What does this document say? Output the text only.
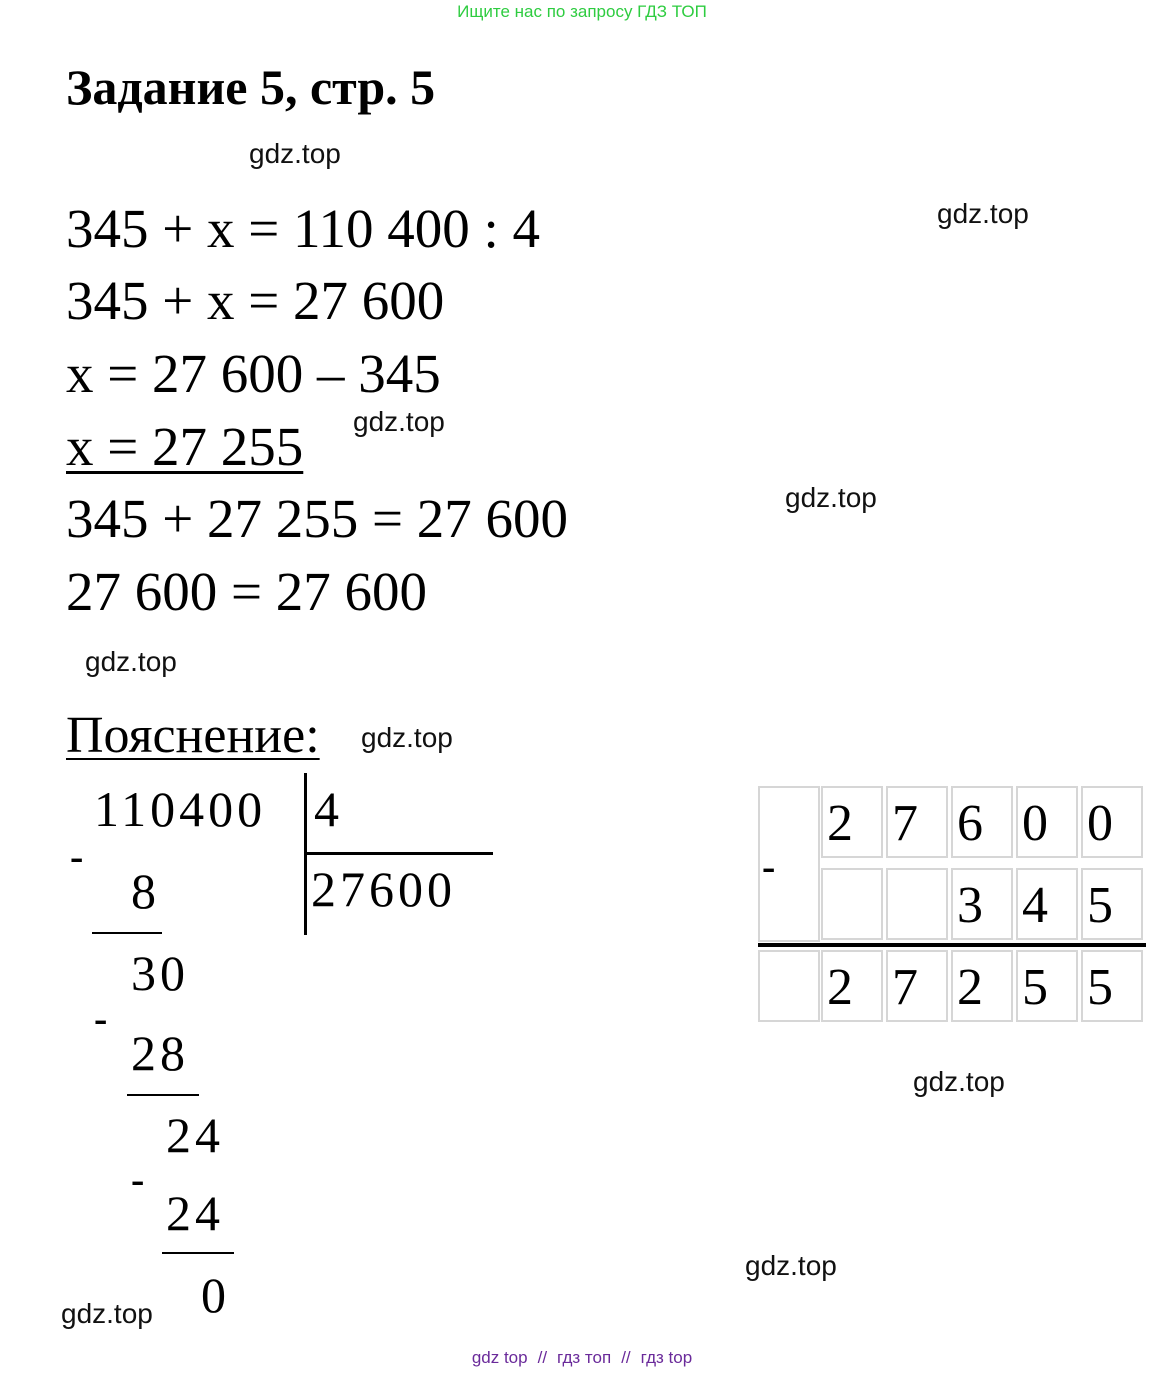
Ищите нас по запросу ГДЗ ТОП
Задание 5, стр. 5
gdz.top
gdz.top
gdz.top
gdz.top
gdz.top
gdz.top
gdz.top
gdz.top
gdz.top
345 + x = 110 400 : 4
345 + x = 27 600
x = 27 600 – 345
x = 27 255
345 + 27 255 = 27 600
27 600 = 27 600
Пояснение:
110400 4
27600
-
8
30
-
28
24
-
24
0
-
2 7 6 0 0
3 4 5
2 7 2 5 5
gdz top // гдз топ // гдз top
